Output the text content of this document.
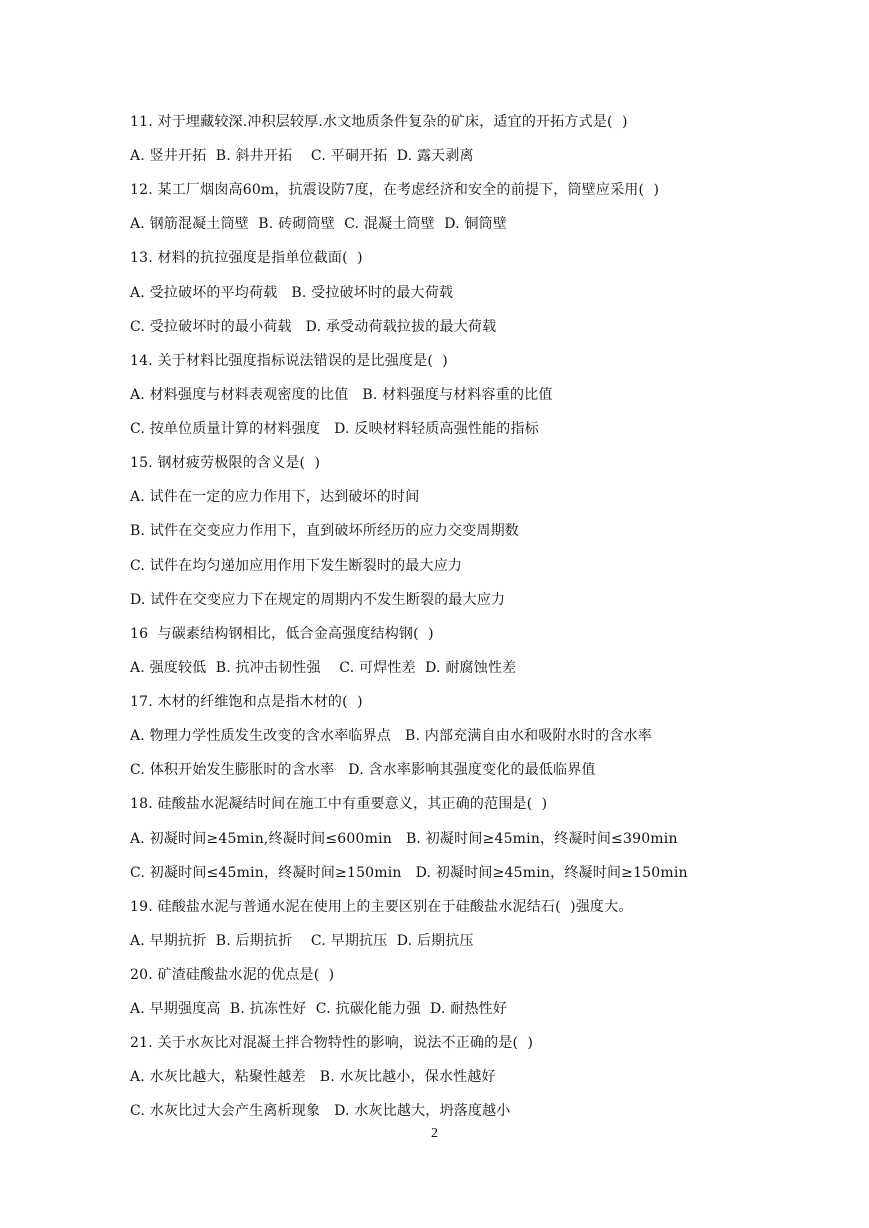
11. 对于埋藏较深.冲积层较厚.水文地质条件复杂的矿床，适宜的开拓方式是(  )
A. 竖井开拓  B. 斜井开拓    C. 平硐开拓  D. 露天剥离
12. 某工厂烟囱高60m，抗震设防7度，在考虑经济和安全的前提下，筒壁应采用(  )
A. 钢筋混凝土筒壁  B. 砖砌筒壁  C. 混凝土筒壁  D. 铜筒壁
13. 材料的抗拉强度是指单位截面(  )
A. 受拉破坏的平均荷载   B. 受拉破坏时的最大荷载
C. 受拉破坏时的最小荷载   D. 承受动荷载拉拔的最大荷载
14. 关于材料比强度指标说法错误的是比强度是(  )
A. 材料强度与材料表观密度的比值   B. 材料强度与材料容重的比值
C. 按单位质量计算的材料强度   D. 反映材料轻质高强性能的指标
15. 钢材疲劳极限的含义是(  )
A. 试件在一定的应力作用下，达到破坏的时间
B. 试件在交变应力作用下，直到破坏所经历的应力交变周期数
C. 试件在均匀递加应用作用下发生断裂时的最大应力
D. 试件在交变应力下在规定的周期内不发生断裂的最大应力
16  与碳素结构钢相比，低合金高强度结构钢(  )
A. 强度较低  B. 抗冲击韧性强    C. 可焊性差  D. 耐腐蚀性差
17. 木材的纤维饱和点是指木材的(  )
A. 物理力学性质发生改变的含水率临界点   B. 内部充满自由水和吸附水时的含水率
C. 体积开始发生膨胀时的含水率   D. 含水率影响其强度变化的最低临界值
18. 硅酸盐水泥凝结时间在施工中有重要意义，其正确的范围是(  )
A. 初凝时间≥45min,终凝时间≤600min   B. 初凝时间≥45min，终凝时间≤390min
C. 初凝时间≤45min，终凝时间≥150min   D. 初凝时间≥45min，终凝时间≥150min
19. 硅酸盐水泥与普通水泥在使用上的主要区别在于硅酸盐水泥结石(  )强度大。
A. 早期抗折  B. 后期抗折    C. 早期抗压  D. 后期抗压
20. 矿渣硅酸盐水泥的优点是(  )
A. 早期强度高  B. 抗冻性好  C. 抗碳化能力强  D. 耐热性好
21. 关于水灰比对混凝土拌合物特性的影响，说法不正确的是(  )
A. 水灰比越大，粘聚性越差   B. 水灰比越小，保水性越好
C. 水灰比过大会产生离析现象   D. 水灰比越大，坍落度越小
2
